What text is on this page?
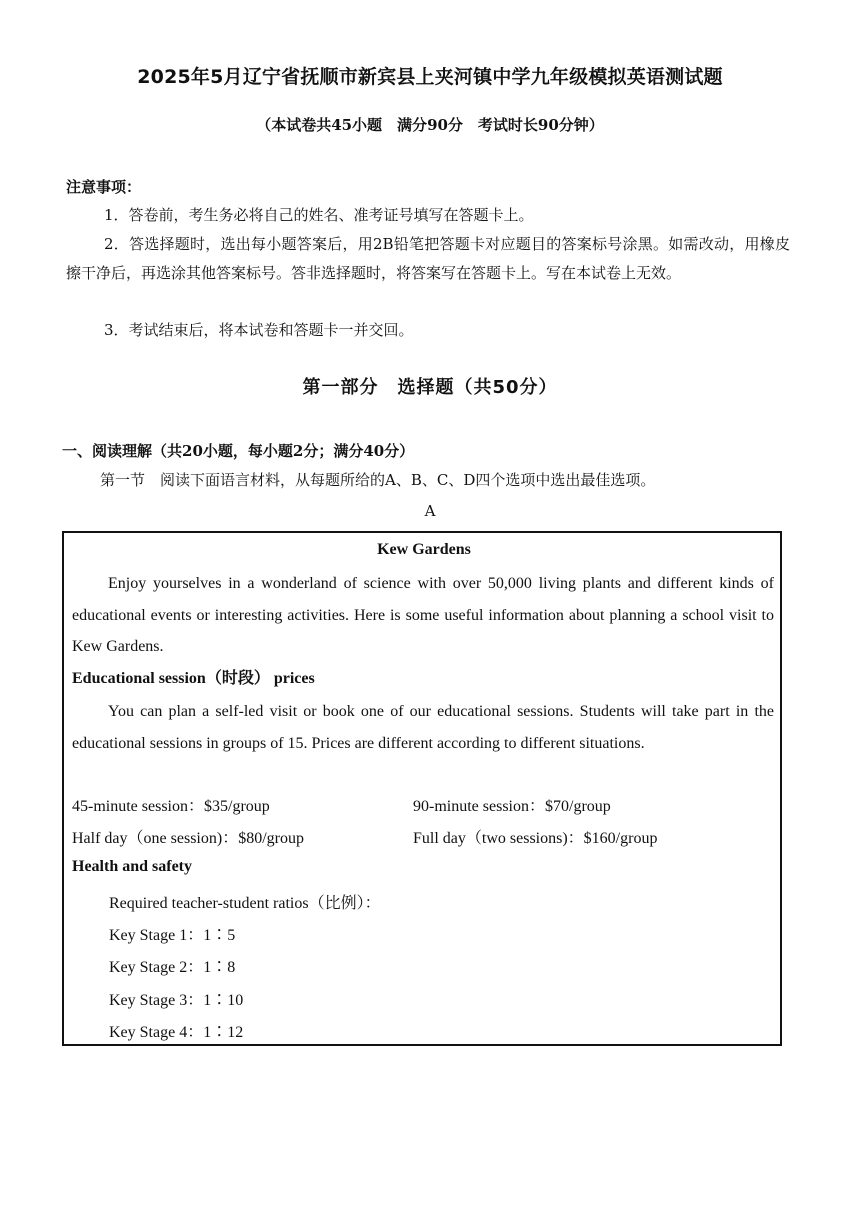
2025年5月辽宁省抚顺市新宾县上夹河镇中学九年级模拟英语测试题
（本试卷共45小题　满分90分　考试时长90分钟）
注意事项：
1．答卷前，考生务必将自己的姓名、准考证号填写在答题卡上。
2．答选择题时，选出每小题答案后，用2B铅笔把答题卡对应题目的答案标号涂黑。如需改动，用橡皮擦干净后，再选涂其他答案标号。答非选择题时，将答案写在答题卡上。写在本试卷上无效。
3．考试结束后，将本试卷和答题卡一并交回。
第一部分　选择题（共50分）
一、阅读理解（共20小题，每小题2分；满分40分）
第一节　阅读下面语言材料，从每题所给的A、B、C、D四个选项中选出最佳选项。
A
Kew Gardens
Enjoy yourselves in a wonderland of science with over 50,000 living plants and different kinds of educational events or interesting activities. Here is some useful information about planning a school visit to Kew Gardens.
Educational session（时段） prices
You can plan a self-led visit or book one of our educational sessions. Students will take part in the educational sessions in groups of 15. Prices are different according to different situations.
45-minute session：$35/group	90-minute session：$70/group
Half day（one session)：$80/group	Full day（two sessions)：$160/group
Health and safety
Required teacher-student ratios（比例）：
Key Stage 1：1∶5
Key Stage 2：1∶8
Key Stage 3：1∶10
Key Stage 4：1∶12
